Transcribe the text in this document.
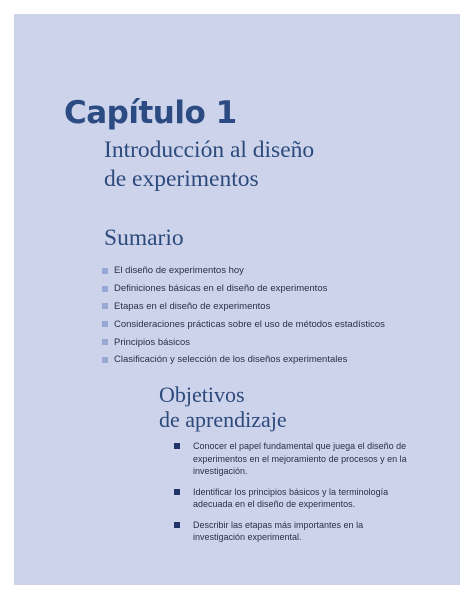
Capítulo 1
Introducción al diseño
de experimentos
Sumario
El diseño de experimentos hoy
Definiciones básicas en el diseño de experimentos
Etapas en el diseño de experimentos
Consideraciones prácticas sobre el uso de métodos estadísticos
Principios básicos
Clasificación y selección de los diseños experimentales
Objetivos
de aprendizaje
Conocer el papel fundamental que juega el diseño de experimentos en el mejoramiento de procesos y en la investigación.
Identificar los principios básicos y la terminología adecuada en el diseño de experimentos.
Describir las etapas más importantes en la investigación experimental.
